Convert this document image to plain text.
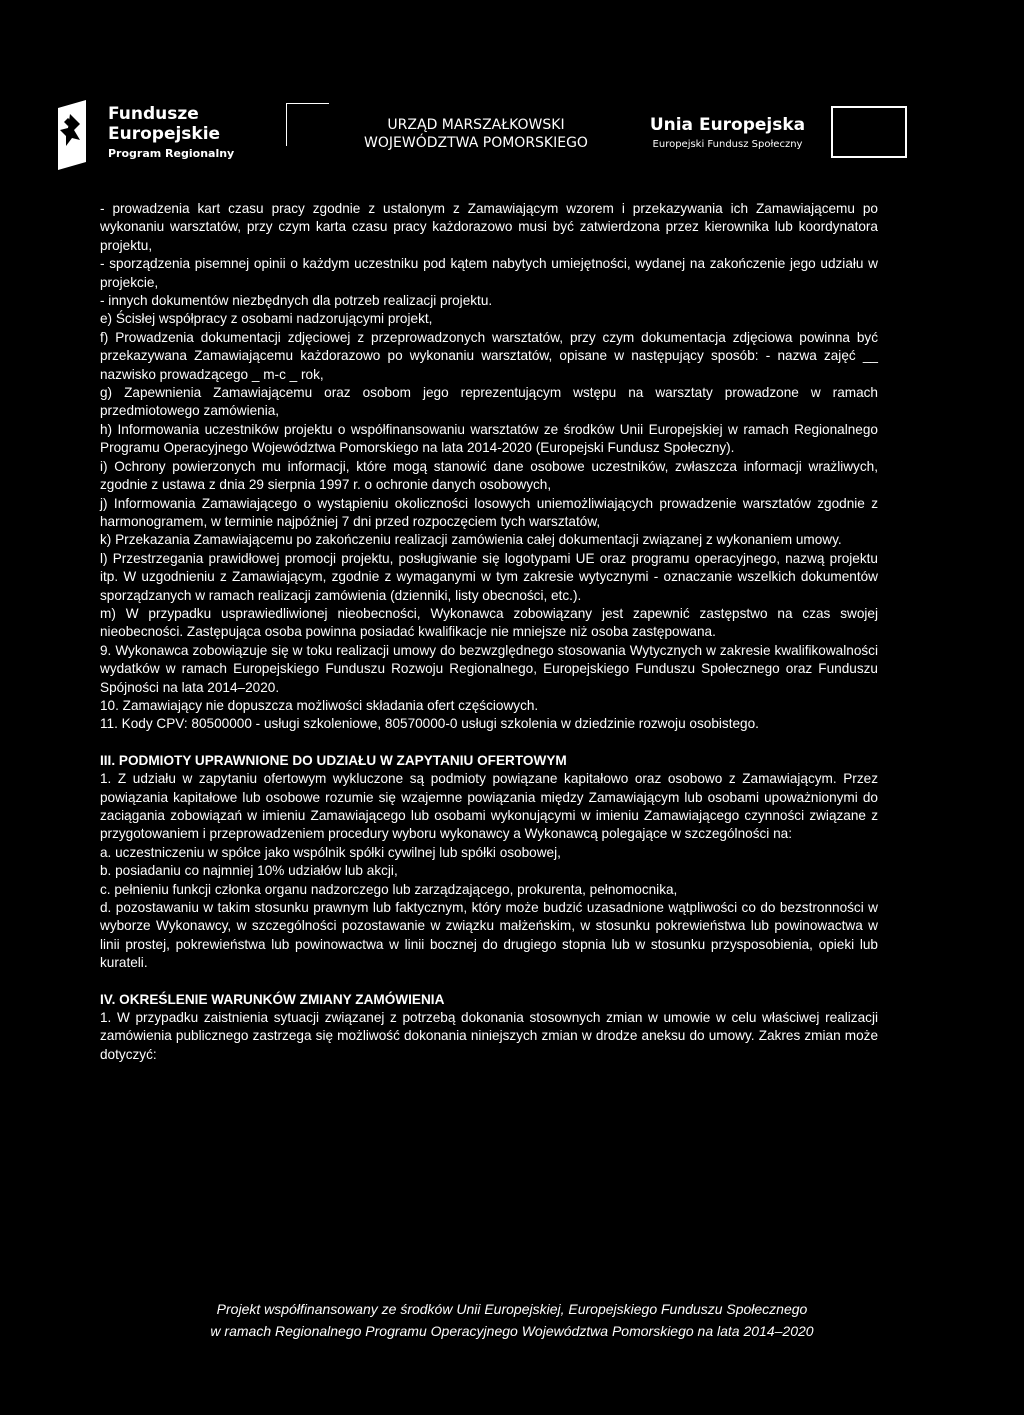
Fundusze
Europejskie
Program Regionalny
URZĄD MARSZAŁKOWSKI
WOJEWÓDZTWA POMORSKIEGO
Unia Europejska
Europejski Fundusz Społeczny

- prowadzenia kart czasu pracy zgodnie z ustalonym z Zamawiającym wzorem i przekazywania ich Zamawiającemu po wykonaniu warsztatów, przy czym karta czasu pracy każdorazowo musi być zatwierdzona przez kierownika lub koordynatora projektu,

- sporządzenia pisemnej opinii o każdym uczestniku pod kątem nabytych umiejętności, wydanej na zakończenie jego udziału w projekcie,

- innych dokumentów niezbędnych dla potrzeb realizacji projektu.

e) Ścisłej współpracy z osobami nadzorującymi projekt,

f) Prowadzenia dokumentacji zdjęciowej z przeprowadzonych warsztatów, przy czym dokumentacja zdjęciowa powinna być przekazywana Zamawiającemu każdorazowo po wykonaniu warsztatów, opisane w następujący sposób: - nazwa zajęć __ nazwisko prowadzącego _ m-c _ rok,

g) Zapewnienia Zamawiającemu oraz osobom jego reprezentującym wstępu na warsztaty prowadzone w ramach przedmiotowego zamówienia,

h) Informowania uczestników projektu o współfinansowaniu warsztatów ze środków Unii Europejskiej w ramach Regionalnego Programu Operacyjnego Województwa Pomorskiego na lata 2014-2020 (Europejski Fundusz Społeczny).

i) Ochrony powierzonych mu informacji, które mogą stanowić dane osobowe uczestników, zwłaszcza informacji wrażliwych, zgodnie z ustawa z dnia 29 sierpnia 1997 r. o ochronie danych osobowych,

j) Informowania Zamawiającego o wystąpieniu okoliczności losowych uniemożliwiających prowadzenie warsztatów zgodnie z harmonogramem, w terminie najpóźniej 7 dni przed rozpoczęciem tych warsztatów,

k) Przekazania Zamawiającemu po zakończeniu realizacji zamówienia całej dokumentacji związanej z wykonaniem umowy.

l) Przestrzegania prawidłowej promocji projektu, posługiwanie się logotypami UE oraz programu operacyjnego, nazwą projektu itp. W uzgodnieniu z Zamawiającym, zgodnie z wymaganymi w tym zakresie wytycznymi - oznaczanie wszelkich dokumentów sporządzanych w ramach realizacji zamówienia (dzienniki, listy obecności, etc.).

m) W przypadku usprawiedliwionej nieobecności, Wykonawca zobowiązany jest zapewnić zastępstwo na czas swojej nieobecności. Zastępująca osoba powinna posiadać kwalifikacje nie mniejsze niż osoba zastępowana.

9. Wykonawca zobowiązuje się w toku realizacji umowy do bezwzględnego stosowania Wytycznych w zakresie kwalifikowalności wydatków w ramach Europejskiego Funduszu Rozwoju Regionalnego, Europejskiego Funduszu Społecznego oraz Funduszu Spójności na lata 2014–2020.

10. Zamawiający nie dopuszcza możliwości składania ofert częściowych.

11. Kody CPV: 80500000 - usługi szkoleniowe, 80570000-0 usługi szkolenia w dziedzinie rozwoju osobistego.

III. PODMIOTY UPRAWNIONE DO UDZIAŁU W ZAPYTANIU OFERTOWYM

1. Z udziału w zapytaniu ofertowym wykluczone są podmioty powiązane kapitałowo oraz osobowo z Zamawiającym. Przez powiązania kapitałowe lub osobowe rozumie się wzajemne powiązania między Zamawiającym lub osobami upoważnionymi do zaciągania zobowiązań w imieniu Zamawiającego lub osobami wykonującymi w imieniu Zamawiającego czynności związane z przygotowaniem i przeprowadzeniem procedury wyboru wykonawcy a Wykonawcą polegające w szczególności na:

a. uczestniczeniu w spółce jako wspólnik spółki cywilnej lub spółki osobowej,

b. posiadaniu co najmniej 10% udziałów lub akcji,

c. pełnieniu funkcji członka organu nadzorczego lub zarządzającego, prokurenta, pełnomocnika,

d. pozostawaniu w takim stosunku prawnym lub faktycznym, który może budzić uzasadnione wątpliwości co do bezstronności w wyborze Wykonawcy, w szczególności pozostawanie w związku małżeńskim, w stosunku pokrewieństwa lub powinowactwa w linii prostej, pokrewieństwa lub powinowactwa w linii bocznej do drugiego stopnia lub w stosunku przysposobienia, opieki lub kurateli.

IV. OKREŚLENIE WARUNKÓW ZMIANY ZAMÓWIENIA

1. W przypadku zaistnienia sytuacji związanej z potrzebą dokonania stosownych zmian w umowie w celu właściwej realizacji zamówienia publicznego zastrzega się możliwość dokonania niniejszych zmian w drodze aneksu do umowy. Zakres zmian może dotyczyć:

Projekt współfinansowany ze środków Unii Europejskiej, Europejskiego Funduszu Społecznego
w ramach Regionalnego Programu Operacyjnego Województwa Pomorskiego na lata 2014–2020
